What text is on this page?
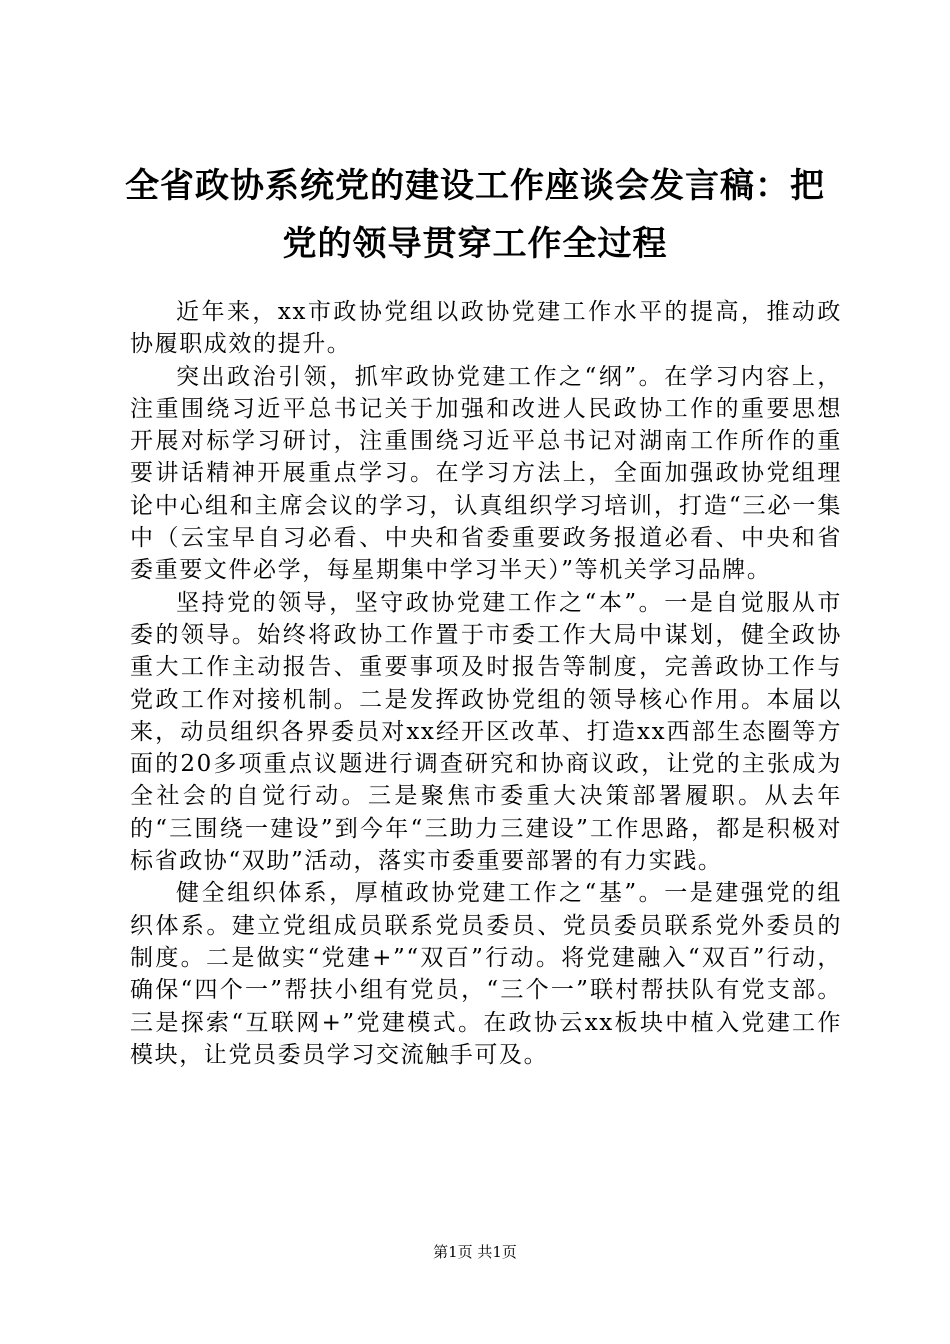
全省政协系统党的建设工作座谈会发言稿：把党的领导贯穿工作全过程

近年来，xx市政协党组以政协党建工作水平的提高，推动政协履职成效的提升。

突出政治引领，抓牢政协党建工作之“纲”。在学习内容上，注重围绕习近平总书记关于加强和改进人民政协工作的重要思想开展对标学习研讨，注重围绕习近平总书记对湖南工作所作的重要讲话精神开展重点学习。在学习方法上，全面加强政协党组理论中心组和主席会议的学习，认真组织学习培训，打造“三必一集中（云宝早自习必看、中央和省委重要政务报道必看、中央和省委重要文件必学，每星期集中学习半天）”等机关学习品牌。

坚持党的领导，坚守政协党建工作之“本”。一是自觉服从市委的领导。始终将政协工作置于市委工作大局中谋划，健全政协重大工作主动报告、重要事项及时报告等制度，完善政协工作与党政工作对接机制。二是发挥政协党组的领导核心作用。本届以来，动员组织各界委员对xx经开区改革、打造xx西部生态圈等方面的20多项重点议题进行调查研究和协商议政，让党的主张成为全社会的自觉行动。三是聚焦市委重大决策部署履职。从去年的“三围绕一建设”到今年“三助力三建设”工作思路，都是积极对标省政协“双助”活动，落实市委重要部署的有力实践。

健全组织体系，厚植政协党建工作之“基”。一是建强党的组织体系。建立党组成员联系党员委员、党员委员联系党外委员的制度。二是做实“党建+”“双百”行动。将党建融入“双百”行动，确保“四个一”帮扶小组有党员，“三个一”联村帮扶队有党支部。三是探索“互联网+”党建模式。在政协云xx板块中植入党建工作模块，让党员委员学习交流触手可及。

第1页 共1页
